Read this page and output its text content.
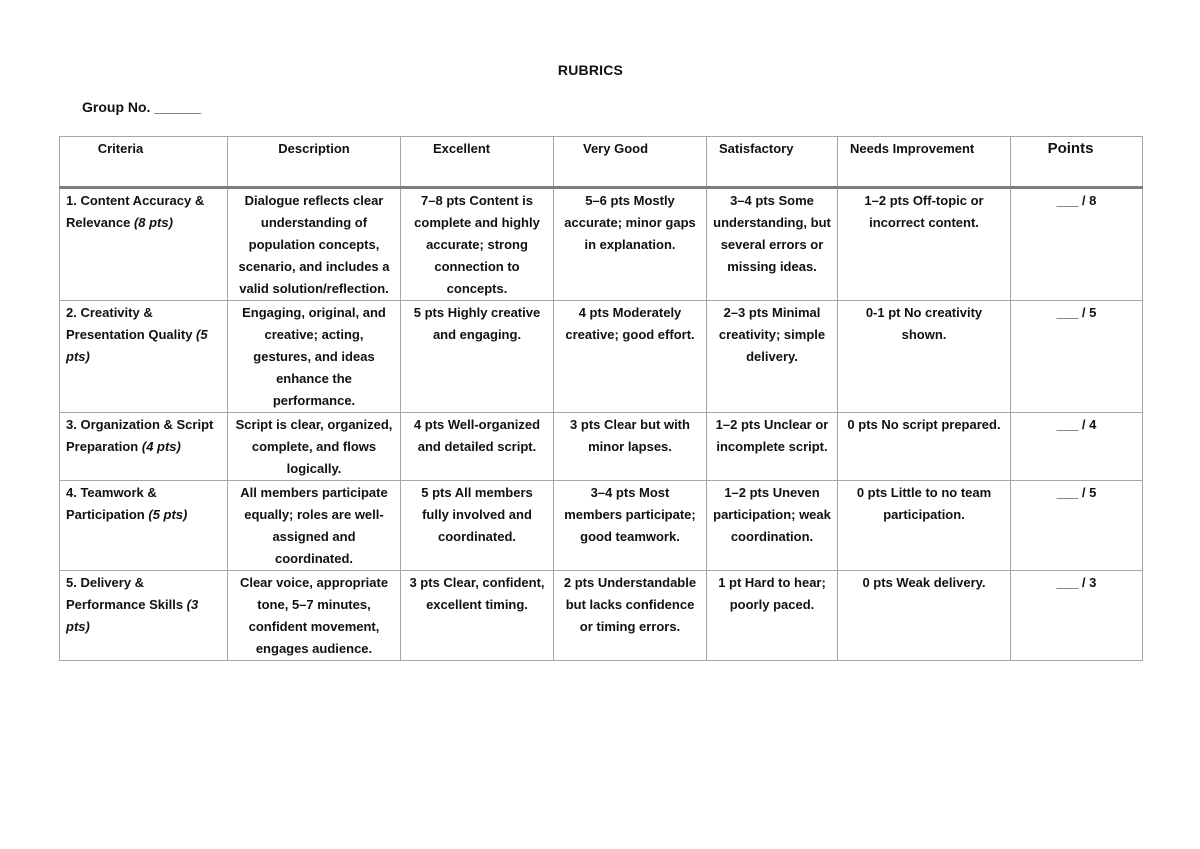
RUBRICS
Group No. ______
Criteria	Description	Excellent	Very Good	Satisfactory	Needs Improvement	Points
1. Content Accuracy & Relevance (8 pts)	Dialogue reflects clear understanding of population concepts, scenario, and includes a valid solution/reflection.	7–8 pts Content is complete and highly accurate; strong connection to concepts.	5–6 pts Mostly accurate; minor gaps in explanation.	3–4 pts Some understanding, but several errors or missing ideas.	1–2 pts Off-topic or incorrect content.	___ / 8
2. Creativity & Presentation Quality (5 pts)	Engaging, original, and creative; acting, gestures, and ideas enhance the performance.	5 pts Highly creative and engaging.	4 pts Moderately creative; good effort.	2–3 pts Minimal creativity; simple delivery.	0-1 pt No creativity shown.	___ / 5
3. Organization & Script Preparation (4 pts)	Script is clear, organized, complete, and flows logically.	4 pts Well-organized and detailed script.	3 pts Clear but with minor lapses.	1–2 pts Unclear or incomplete script.	0 pts No script prepared.	___ / 4
4. Teamwork & Participation (5 pts)	All members participate equally; roles are well-assigned and coordinated.	5 pts All members fully involved and coordinated.	3–4 pts Most members participate; good teamwork.	1–2 pts Uneven participation; weak coordination.	0 pts Little to no team participation.	___ / 5
5. Delivery & Performance Skills (3 pts)	Clear voice, appropriate tone, 5–7 minutes, confident movement, engages audience.	3 pts Clear, confident, excellent timing.	2 pts Understandable but lacks confidence or timing errors.	1 pt Hard to hear; poorly paced.	0 pts Weak delivery.	___ / 3
